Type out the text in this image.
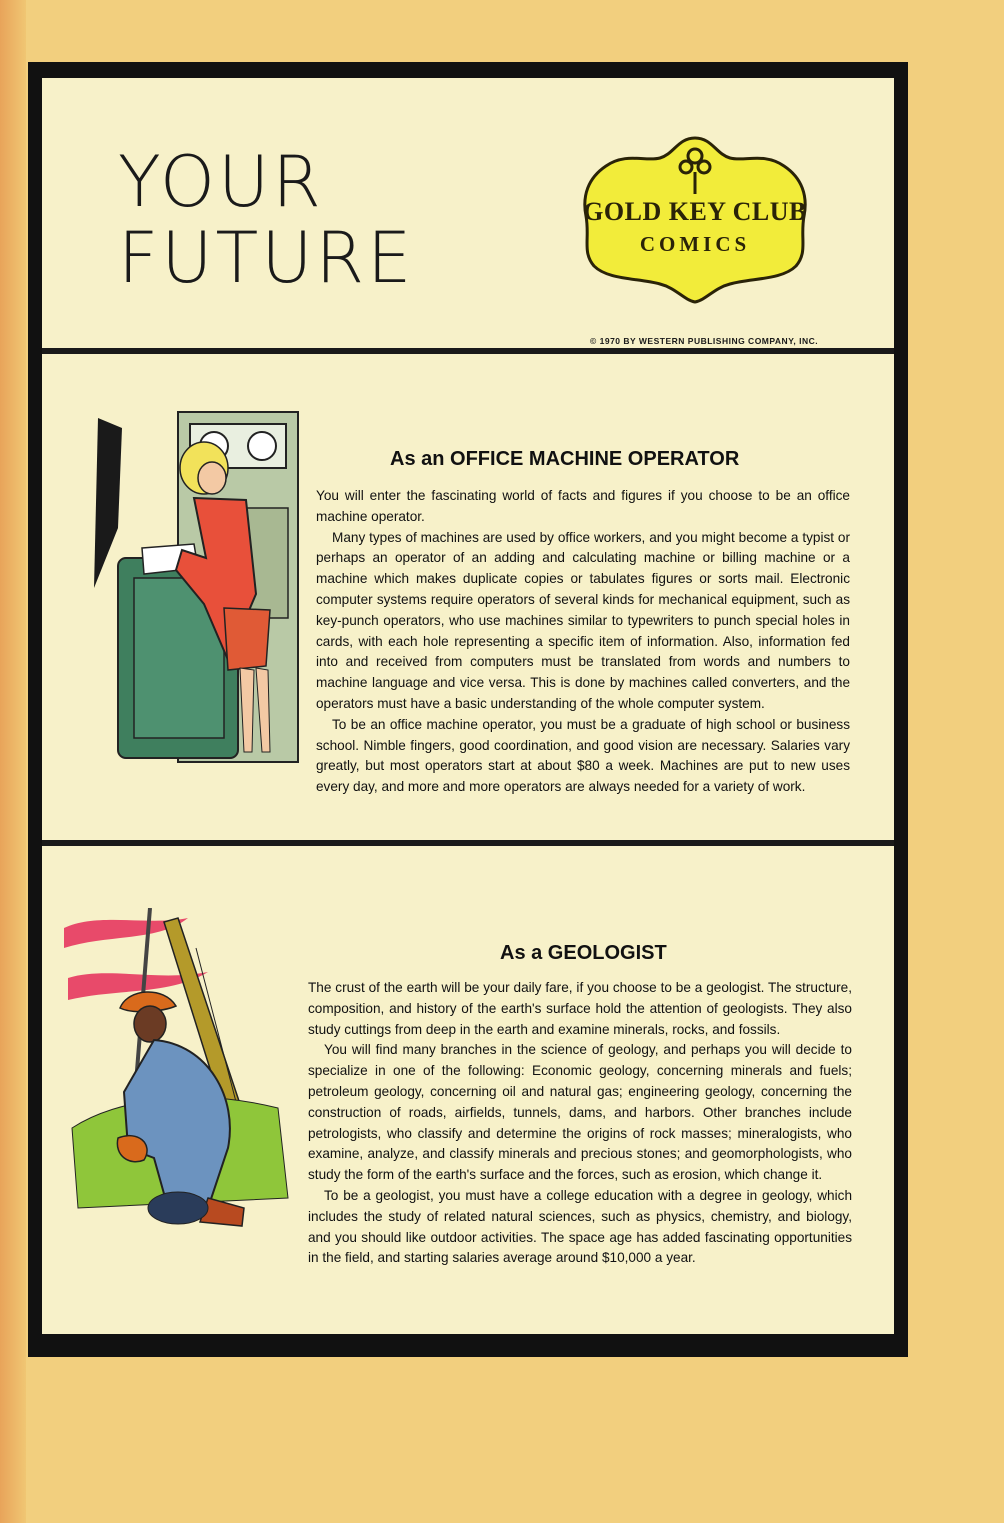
YOUR
FUTURE
GOLD KEY CLUB
COMICS
© 1970 BY WESTERN PUBLISHING COMPANY, INC.
As an OFFICE MACHINE OPERATOR

You will enter the fascinating world of facts and figures if you choose to be an office machine operator.

Many types of machines are used by office workers, and you might become a typist or perhaps an operator of an adding and calculating machine or billing machine or a machine which makes duplicate copies or tabulates figures or sorts mail. Electronic computer systems require operators of several kinds for mechanical equipment, such as key-punch operators, who use machines similar to typewriters to punch special holes in cards, with each hole representing a specific item of information. Also, information fed into and received from computers must be translated from words and numbers to machine language and vice versa. This is done by machines called converters, and the operators must have a basic understanding of the whole computer system.

To be an office machine operator, you must be a graduate of high school or business school. Nimble fingers, good coordination, and good vision are necessary. Salaries vary greatly, but most operators start at about $80 a week. Machines are put to new uses every day, and more and more operators are always needed for a variety of work.

As a GEOLOGIST

The crust of the earth will be your daily fare, if you choose to be a geologist. The structure, composition, and history of the earth's surface hold the attention of geologists. They also study cuttings from deep in the earth and examine minerals, rocks, and fossils.

You will find many branches in the science of geology, and perhaps you will decide to specialize in one of the following: Economic geology, concerning minerals and fuels; petroleum geology, concerning oil and natural gas; engineering geology, concerning the construction of roads, airfields, tunnels, dams, and harbors. Other branches include petrologists, who classify and determine the origins of rock masses; mineralogists, who examine, analyze, and classify minerals and precious stones; and geomorphologists, who study the form of the earth's surface and the forces, such as erosion, which change it.

To be a geologist, you must have a college education with a degree in geology, which includes the study of related natural sciences, such as physics, chemistry, and biology, and you should like outdoor activities. The space age has added fascinating opportunities in the field, and starting salaries average around $10,000 a year.
